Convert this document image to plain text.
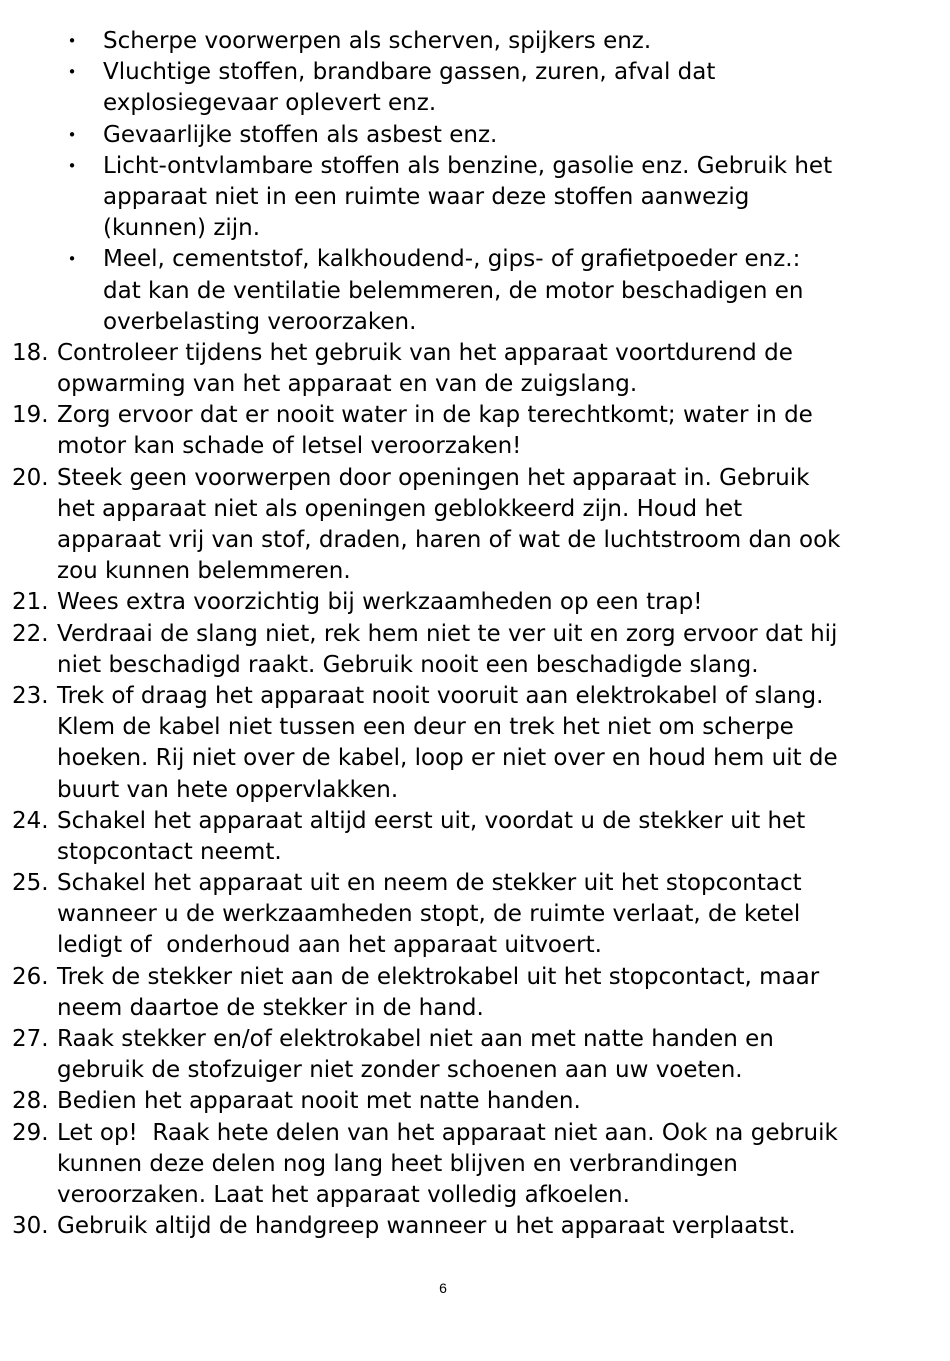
• Scherpe voorwerpen als scherven, spijkers enz.
• Vluchtige stoffen, brandbare gassen, zuren, afval dat
explosiegevaar oplevert enz.
• Gevaarlijke stoffen als asbest enz.
• Licht-ontvlambare stoffen als benzine, gasolie enz. Gebruik het
apparaat niet in een ruimte waar deze stoffen aanwezig
(kunnen) zijn.
• Meel, cementstof, kalkhoudend-, gips- of grafietpoeder enz.:
dat kan de ventilatie belemmeren, de motor beschadigen en
overbelasting veroorzaken.
18. Controleer tijdens het gebruik van het apparaat voortdurend de
opwarming van het apparaat en van de zuigslang.
19. Zorg ervoor dat er nooit water in de kap terechtkomt; water in de
motor kan schade of letsel veroorzaken!
20. Steek geen voorwerpen door openingen het apparaat in. Gebruik
het apparaat niet als openingen geblokkeerd zijn. Houd het
apparaat vrij van stof, draden, haren of wat de luchtstroom dan ook
zou kunnen belemmeren.
21. Wees extra voorzichtig bij werkzaamheden op een trap!
22. Verdraai de slang niet, rek hem niet te ver uit en zorg ervoor dat hij
niet beschadigd raakt. Gebruik nooit een beschadigde slang.
23. Trek of draag het apparaat nooit vooruit aan elektrokabel of slang.
Klem de kabel niet tussen een deur en trek het niet om scherpe
hoeken. Rij niet over de kabel, loop er niet over en houd hem uit de
buurt van hete oppervlakken.
24. Schakel het apparaat altijd eerst uit, voordat u de stekker uit het
stopcontact neemt.
25. Schakel het apparaat uit en neem de stekker uit het stopcontact
wanneer u de werkzaamheden stopt, de ruimte verlaat, de ketel
ledigt of  onderhoud aan het apparaat uitvoert.
26. Trek de stekker niet aan de elektrokabel uit het stopcontact, maar
neem daartoe de stekker in de hand.
27. Raak stekker en/of elektrokabel niet aan met natte handen en
gebruik de stofzuiger niet zonder schoenen aan uw voeten.
28. Bedien het apparaat nooit met natte handen.
29. Let op!  Raak hete delen van het apparaat niet aan. Ook na gebruik
kunnen deze delen nog lang heet blijven en verbrandingen
veroorzaken. Laat het apparaat volledig afkoelen.
30. Gebruik altijd de handgreep wanneer u het apparaat verplaatst.
6
